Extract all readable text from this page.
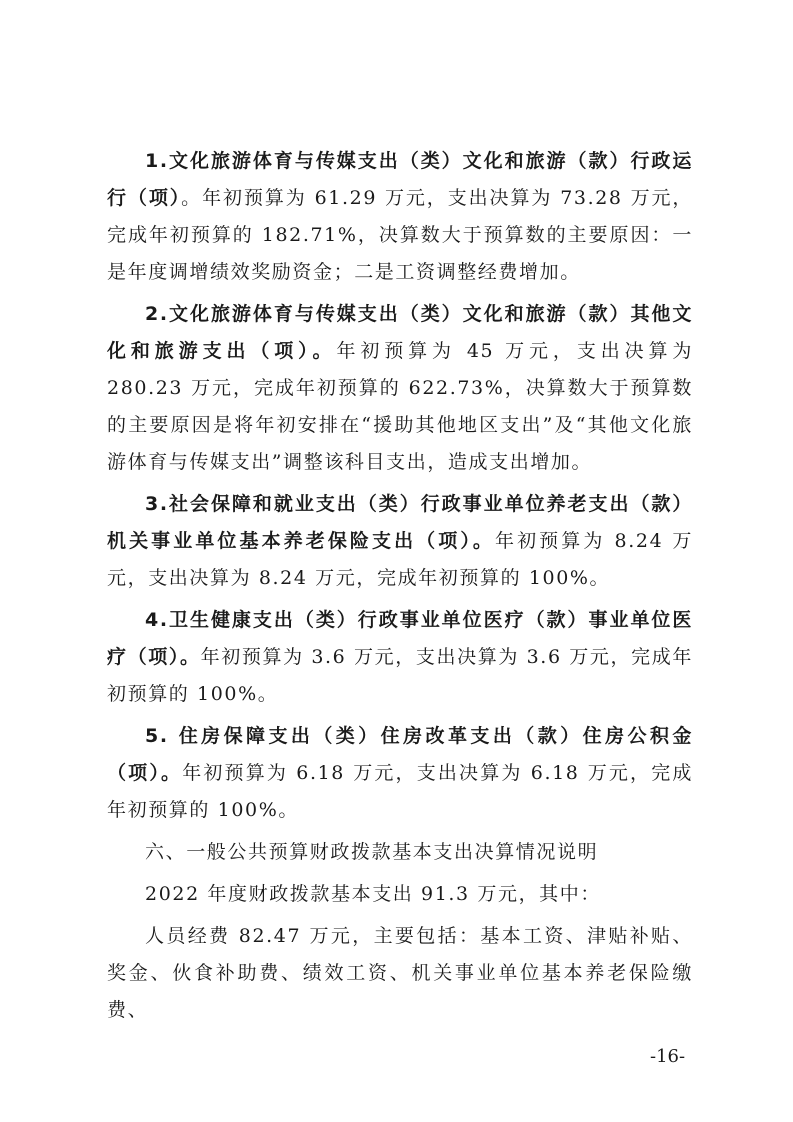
1.文化旅游体育与传媒支出（类）文化和旅游（款）行政运行（项）。年初预算为 61.29 万元，支出决算为 73.28 万元，完成年初预算的 182.71%，决算数大于预算数的主要原因：一是年度调增绩效奖励资金；二是工资调整经费增加。

2.文化旅游体育与传媒支出（类）文化和旅游（款）其他文化和旅游支出（项）。年初预算为 45 万元，支出决算为 280.23 万元，完成年初预算的 622.73%，决算数大于预算数的主要原因是将年初安排在“援助其他地区支出”及“其他文化旅游体育与传媒支出”调整该科目支出，造成支出增加。

3.社会保障和就业支出（类）行政事业单位养老支出（款）机关事业单位基本养老保险支出（项）。年初预算为 8.24 万元，支出决算为 8.24 万元，完成年初预算的 100%。

4.卫生健康支出（类）行政事业单位医疗（款）事业单位医疗（项）。年初预算为 3.6 万元，支出决算为 3.6 万元，完成年初预算的 100%。

5. 住房保障支出（类）住房改革支出（款）住房公积金（项）。年初预算为 6.18 万元，支出决算为 6.18 万元，完成年初预算的 100%。

六、一般公共预算财政拨款基本支出决算情况说明

2022 年度财政拨款基本支出 91.3 万元，其中：

人员经费 82.47 万元，主要包括：基本工资、津贴补贴、奖金、伙食补助费、绩效工资、机关事业单位基本养老保险缴费、

-16-
